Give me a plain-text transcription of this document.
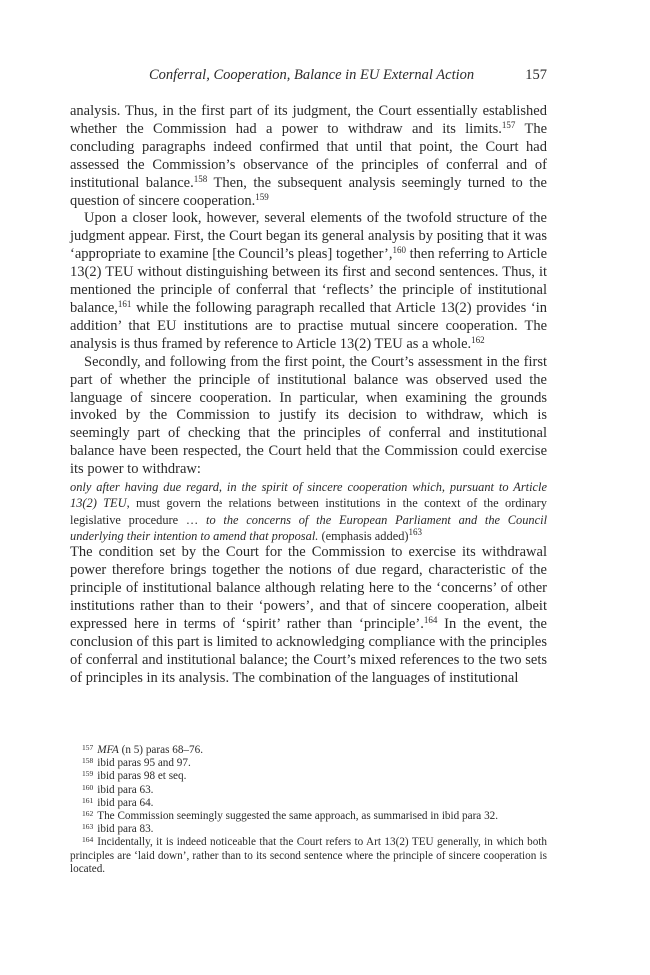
Conferral, Cooperation, Balance in EU External Action	157

analysis. Thus, in the first part of its judgment, the Court essentially established whether the Commission had a power to withdraw and its limits.$^{157}$ The concluding paragraphs indeed confirmed that until that point, the Court had assessed the Commission’s observance of the principles of conferral and of institutional balance.$^{158}$ Then, the subsequent analysis seemingly turned to the question of sincere cooperation.$^{159}$

Upon a closer look, however, several elements of the twofold structure of the judgment appear. First, the Court began its general analysis by positing that it was ‘appropriate to examine [the Council’s pleas] together’,$^{160}$ then referring to Article 13(2) TEU without distinguishing between its first and second sentences. Thus, it mentioned the principle of conferral that ‘reflects’ the principle of institutional balance,$^{161}$ while the following paragraph recalled that Article 13(2) provides ‘in addition’ that EU institutions are to practise mutual sincere cooperation. The analysis is thus framed by reference to Article 13(2) TEU as a whole.$^{162}$

Secondly, and following from the first point, the Court’s assessment in the first part of whether the principle of institutional balance was observed used the language of sincere cooperation. In particular, when examining the grounds invoked by the Commission to justify its decision to withdraw, which is seemingly part of checking that the principles of conferral and institutional balance have been respected, the Court held that the Commission could exercise its power to withdraw:

only after having due regard, in the spirit of sincere cooperation which, pursuant to Article 13(2) TEU, must govern the relations between institutions in the context of the ordinary legislative procedure … to the concerns of the European Parliament and the Council underlying their intention to amend that proposal. (emphasis added)$^{163}$

The condition set by the Court for the Commission to exercise its withdrawal power therefore brings together the notions of due regard, characteristic of the principle of institutional balance although relating here to the ‘concerns’ of other institutions rather than to their ‘powers’, and that of sincere cooperation, albeit expressed here in terms of ‘spirit’ rather than ‘principle’.$^{164}$ In the event, the conclusion of this part is limited to acknowledging compliance with the principles of conferral and institutional balance; the Court’s mixed references to the two sets of principles in its analysis. The combination of the languages of institutional

$^{157}$ MFA (n 5) paras 68–76.

$^{158}$ ibid paras 95 and 97.

$^{159}$ ibid paras 98 et seq.

$^{160}$ ibid para 63.

$^{161}$ ibid para 64.

$^{162}$ The Commission seemingly suggested the same approach, as summarised in ibid para 32.

$^{163}$ ibid para 83.

$^{164}$ Incidentally, it is indeed noticeable that the Court refers to Art 13(2) TEU generally, in which both principles are ‘laid down’, rather than to its second sentence where the principle of sincere cooperation is located.
